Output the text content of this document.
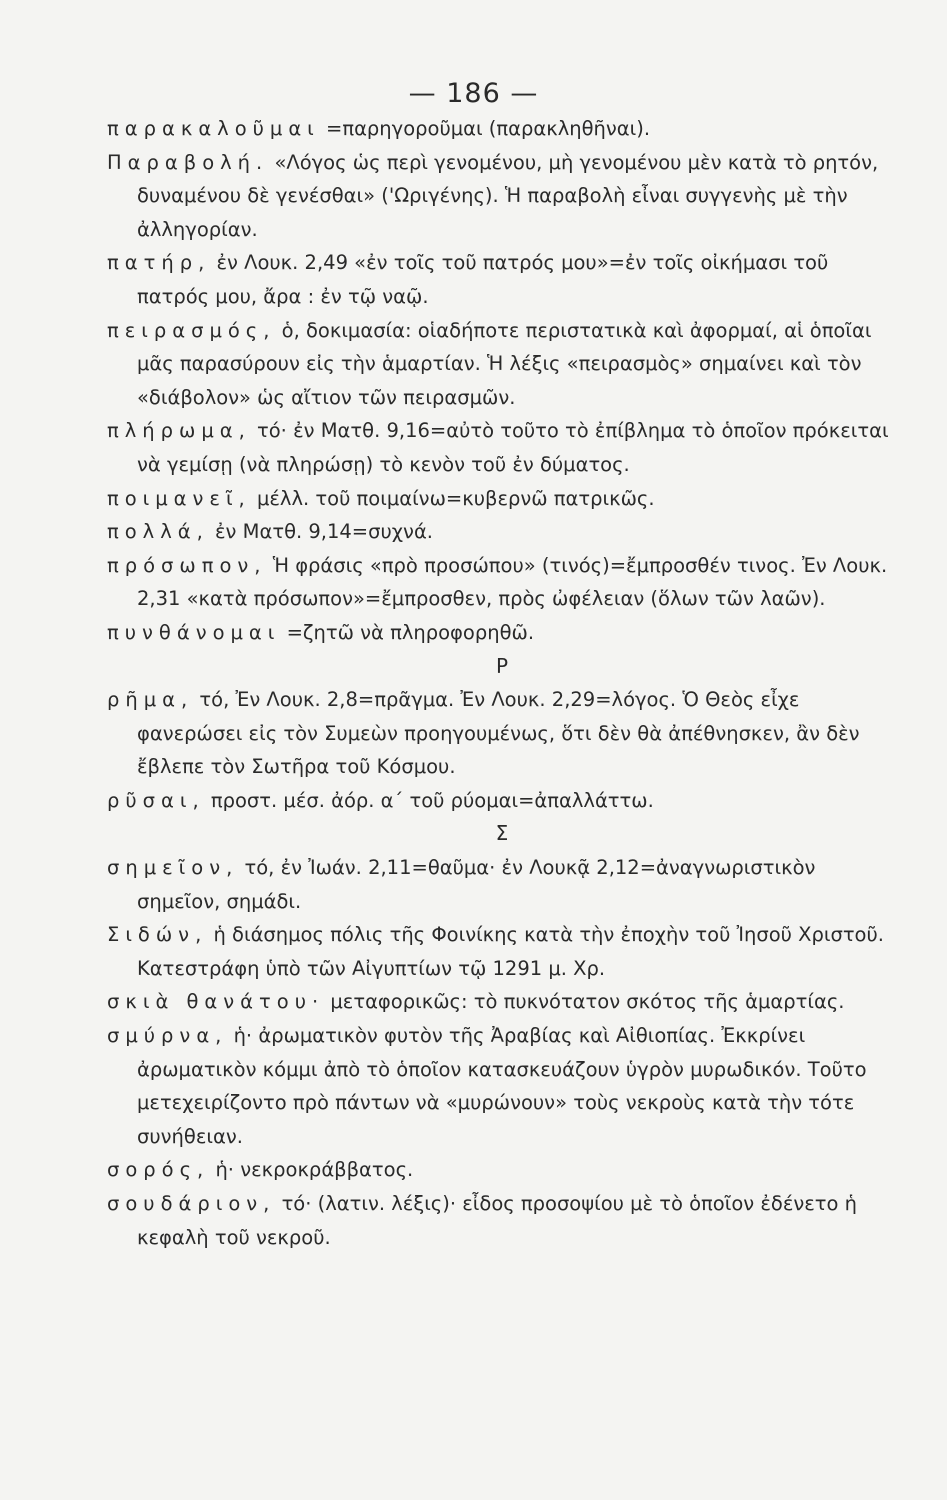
— 186 —

παρακαλοῦμαι =παρηγοροῦμαι (παρακληθῆναι).

Παραβολή. «Λόγος ὡς περὶ γενομένου, μὴ γενομένου μὲν κατὰ τὸ ρητόν, δυναμένου δὲ γενέσθαι» ('Ωριγένης). Ἡ παραβολὴ εἶναι συγγενὴς μὲ τὴν ἀλληγορίαν.

πατήρ, ἐν Λουκ. 2,49 «ἐν τοῖς τοῦ πατρός μου»=ἐν τοῖς οἰκήμασι τοῦ πατρός μου, ἄρα : ἐν τῷ ναῷ.

πειρασμός, ὁ, δοκιμασία: οἱαδήποτε περιστατικὰ καὶ ἀφορμαί, αἱ ὁποῖαι μᾶς παρασύρουν εἰς τὴν ἁμαρτίαν. Ἡ λέξις «πειρασμὸς» σημαίνει καὶ τὸν «διάβολον» ὡς αἴτιον τῶν πειρασμῶν.

πλήρωμα, τό· ἐν Ματθ. 9,16=αὐτὸ τοῦτο τὸ ἐπίβλημα τὸ ὁποῖον πρόκειται νὰ γεμίσῃ (νὰ πληρώσῃ) τὸ κενὸν τοῦ ἐν δύματος.

ποιμανεῖ, μέλλ. τοῦ ποιμαίνω=κυβερνῶ πατρικῶς.

πολλά, ἐν Ματθ. 9,14=συχνά.

πρόσωπον, Ἡ φράσις «πρὸ προσώπου» (τινός)=ἔμπροσθέν τινος. Ἐν Λουκ. 2,31 «κατὰ πρόσωπον»=ἔμπροσθεν, πρὸς ὠφέλειαν (ὅλων τῶν λαῶν).

πυνθάνομαι =ζητῶ νὰ πληροφορηθῶ.

Ρ

ρῆμα, τό, Ἐν Λουκ. 2,8=πρᾶγμα. Ἐν Λουκ. 2,29=λόγος. Ὁ Θεὸς εἶχε φανερώσει εἰς τὸν Συμεὼν προηγουμένως, ὅτι δὲν θὰ ἀπέθνησκεν, ἂν δὲν ἔβλεπε τὸν Σωτῆρα τοῦ Κόσμου.

ρῦσαι, προστ. μέσ. ἀόρ. α΄ τοῦ ρύομαι=ἀπαλλάττω.

Σ

σημεῖον, τό, ἐν Ἰωάν. 2,11=θαῦμα· ἐν Λουκᾷ 2,12=ἀναγνωριστικὸν σημεῖον, σημάδι.

Σιδών, ἡ διάσημος πόλις τῆς Φοινίκης κατὰ τὴν ἐποχὴν τοῦ Ἰησοῦ Χριστοῦ. Κατεστράφη ὑπὸ τῶν Αἰγυπτίων τῷ 1291 μ. Χρ.

σκιὰ θανάτου· μεταφορικῶς: τὸ πυκνότατον σκότος τῆς ἁμαρτίας.

σμύρνα, ἡ· ἀρωματικὸν φυτὸν τῆς Ἀραβίας καὶ Αἰθιοπίας. Ἐκκρίνει ἀρωματικὸν κόμμι ἀπὸ τὸ ὁποῖον κατασκευάζουν ὑγρὸν μυρωδικόν. Τοῦτο μετεχειρίζοντο πρὸ πάντων νὰ «μυρώνουν» τοὺς νεκροὺς κατὰ τὴν τότε συνήθειαν.

σορός, ἡ· νεκροκράββατος.

σουδάριον, τό· (λατιν. λέξις)· εἶδος προσοψίου μὲ τὸ ὁποῖον ἐδένετο ἡ κεφαλὴ τοῦ νεκροῦ.
